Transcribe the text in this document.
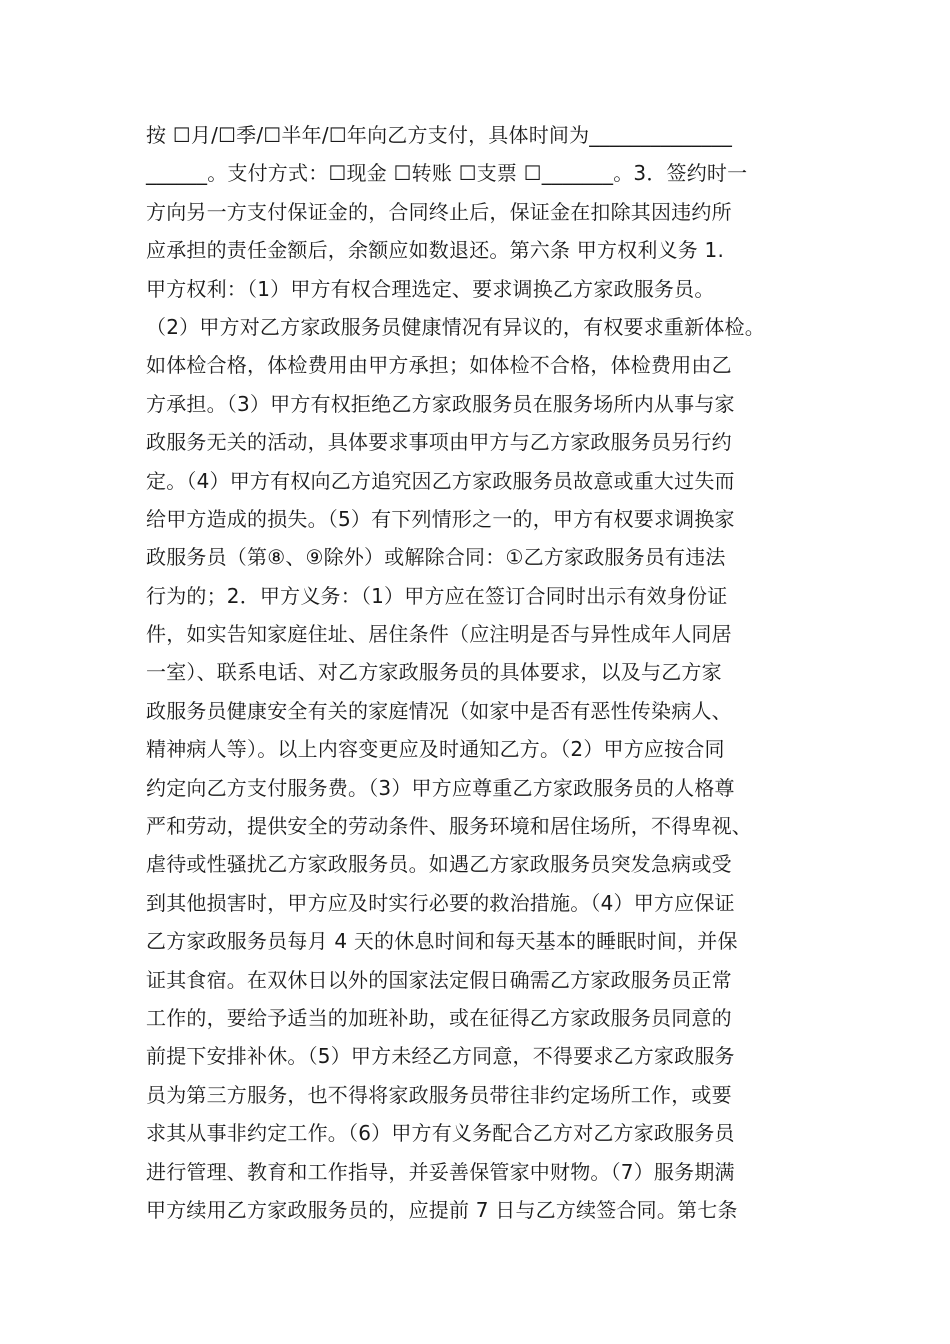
按 ☐月/☐季/☐半年/☐年向乙方支付，具体时间为______________
______。支付方式：☐现金 ☐转账 ☐支票 ☐_______。3．签约时一
方向另一方支付保证金的，合同终止后，保证金在扣除其因违约所
应承担的责任金额后，余额应如数退还。第六条 甲方权利义务 1.
甲方权利：（1）甲方有权合理选定、要求调换乙方家政服务员。
（2）甲方对乙方家政服务员健康情况有异议的，有权要求重新体检。
如体检合格，体检费用由甲方承担；如体检不合格，体检费用由乙
方承担。（3）甲方有权拒绝乙方家政服务员在服务场所内从事与家
政服务无关的活动，具体要求事项由甲方与乙方家政服务员另行约
定。（4）甲方有权向乙方追究因乙方家政服务员故意或重大过失而
给甲方造成的损失。（5）有下列情形之一的，甲方有权要求调换家
政服务员（第⑧、⑨除外）或解除合同：①乙方家政服务员有违法
行为的；2．甲方义务：（1）甲方应在签订合同时出示有效身份证
件，如实告知家庭住址、居住条件（应注明是否与异性成年人同居
一室）、联系电话、对乙方家政服务员的具体要求，以及与乙方家
政服务员健康安全有关的家庭情况（如家中是否有恶性传染病人、
精神病人等）。以上内容变更应及时通知乙方。（2）甲方应按合同
约定向乙方支付服务费。（3）甲方应尊重乙方家政服务员的人格尊
严和劳动，提供安全的劳动条件、服务环境和居住场所，不得卑视、
虐待或性骚扰乙方家政服务员。如遇乙方家政服务员突发急病或受
到其他损害时，甲方应及时实行必要的救治措施。（4）甲方应保证
乙方家政服务员每月 4 天的休息时间和每天基本的睡眠时间，并保
证其食宿。在双休日以外的国家法定假日确需乙方家政服务员正常
工作的，要给予适当的加班补助，或在征得乙方家政服务员同意的
前提下安排补休。（5）甲方未经乙方同意，不得要求乙方家政服务
员为第三方服务，也不得将家政服务员带往非约定场所工作，或要
求其从事非约定工作。（6）甲方有义务配合乙方对乙方家政服务员
进行管理、教育和工作指导，并妥善保管家中财物。（7）服务期满
甲方续用乙方家政服务员的，应提前 7 日与乙方续签合同。第七条
